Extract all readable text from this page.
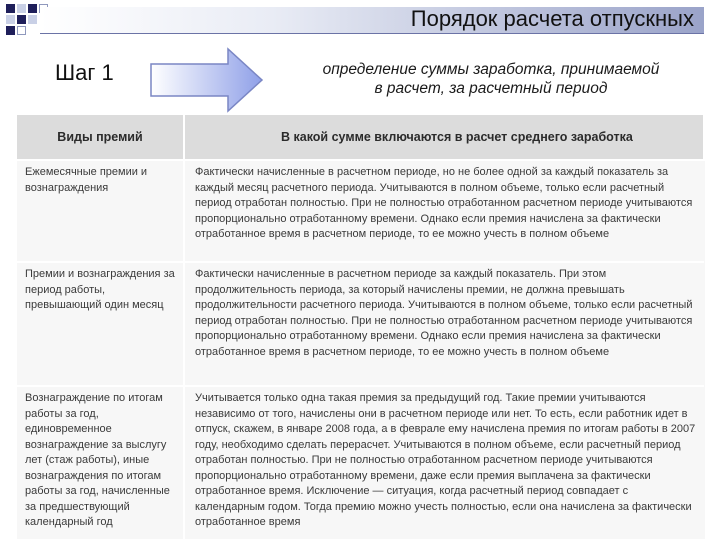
Порядок расчета отпускных
Шаг 1	определение суммы заработка, принимаемой
в расчет, за расчетный период
Виды премий	В какой сумме включаются в расчет среднего заработка
Ежемесячные премии и вознаграждения	Фактически начисленные в расчетном периоде, но не более одной за каждый показатель за каждый месяц расчетного периода. Учитываются в полном объеме, только если расчетный период отработан полностью. При не полностью отработанном расчетном периоде учитываются пропорционально отработанному времени. Однако если премия начислена за фактически отработанное время в расчетном периоде, то ее можно учесть в полном объеме
Премии и вознаграждения за период работы, превышающий один месяц	Фактически начисленные в расчетном периоде за каждый показатель. При этом продолжительность периода, за который начислены премии, не должна превышать продолжительности расчетного периода. Учитываются в полном объеме, только если расчетный период отработан полностью. При не полностью отработанном расчетном периоде учитываются пропорционально отработанному времени. Однако если премия начислена за фактически отработанное время в расчетном периоде, то ее можно учесть в полном объеме
Вознаграждение по итогам работы за год, единовременное вознаграждение за выслугу лет (стаж работы), иные вознаграждения по итогам работы за год, начисленные за предшествующий календарный год	Учитывается только одна такая премия за предыдущий год. Такие премии учитываются независимо от того, начислены они в расчетном периоде или нет. То есть, если работник идет в отпуск, скажем, в январе 2008 года, а в феврале ему начислена премия по итогам работы в 2007 году, необходимо сделать перерасчет. Учитываются в полном объеме, если расчетный период отработан полностью. При не полностью отработанном расчетном периоде учитываются пропорционально отработанному времени, даже если премия выплачена за фактически отработанное время. Исключение — ситуация, когда расчетный период совпадает с календарным годом. Тогда премию можно учесть полностью, если она начислена за фактически отработанное время
